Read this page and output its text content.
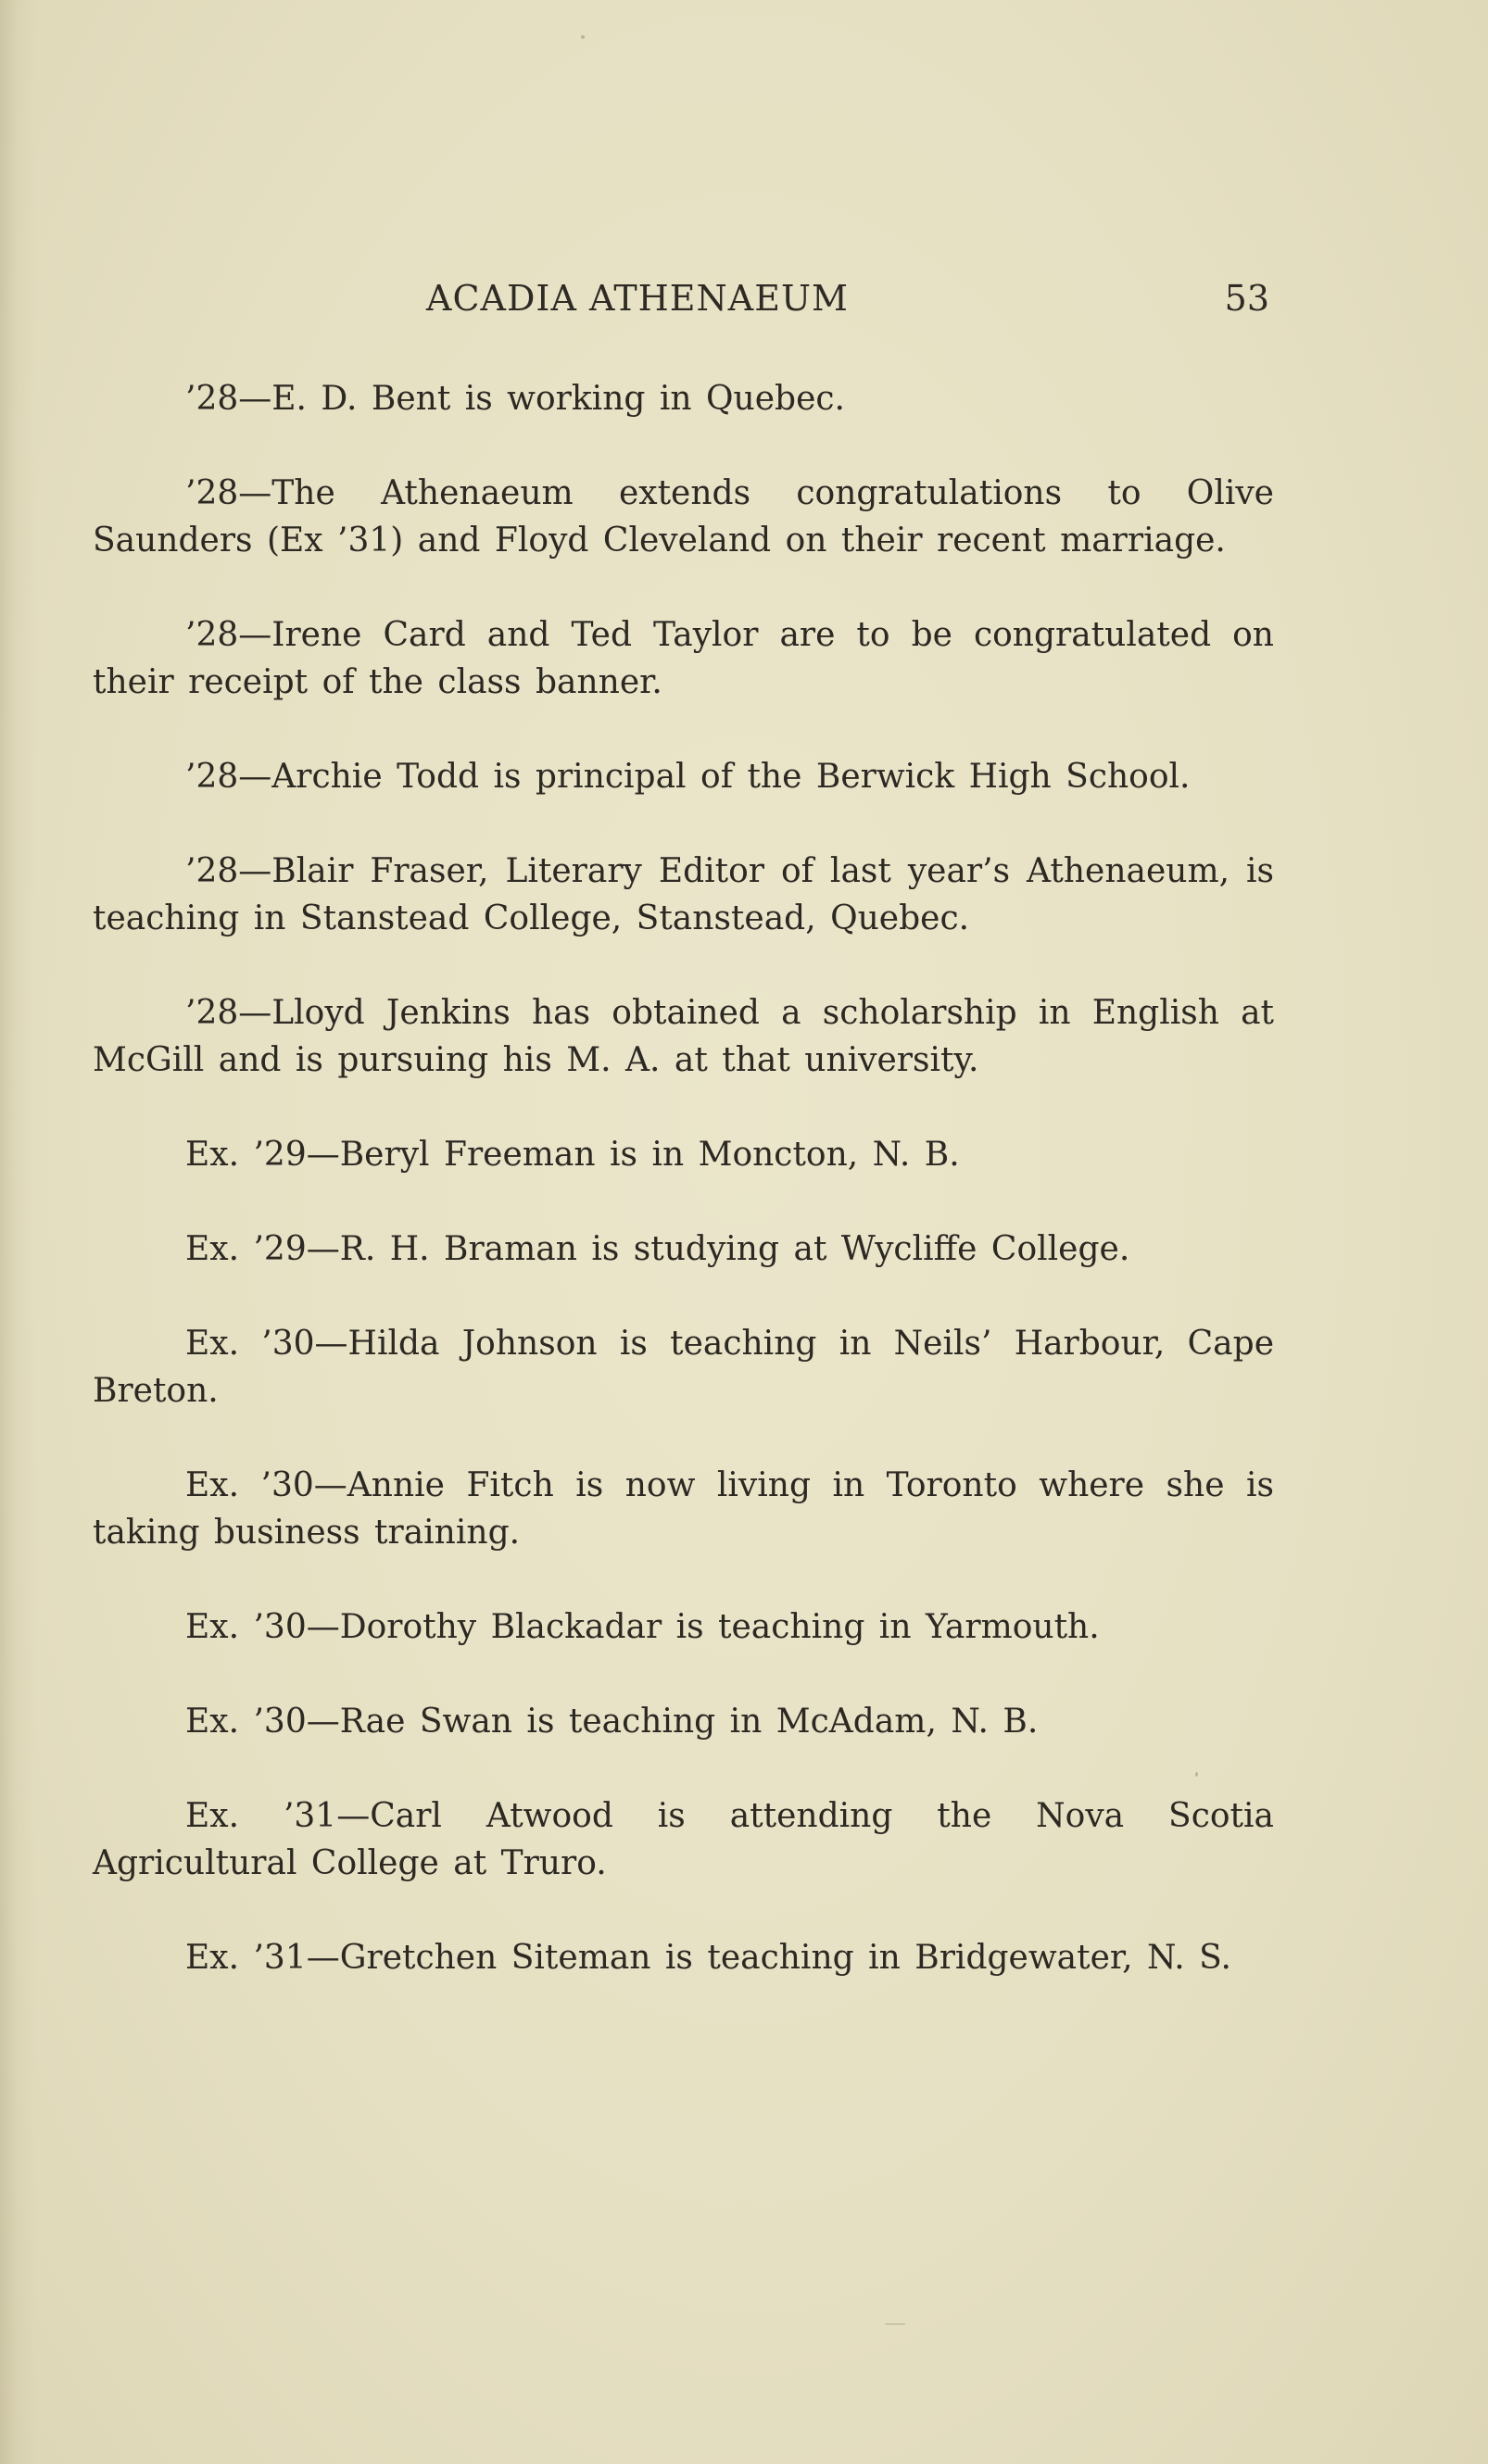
ACADIA ATHENAEUM	53

’28—E. D. Bent is working in Quebec.

’28—The Athenaeum extends congratulations to Olive Saunders (Ex ’31) and Floyd Cleveland on their recent marriage.

’28—Irene Card and Ted Taylor are to be congratulated on their receipt of the class banner.

’28—Archie Todd is principal of the Berwick High School.

’28—Blair Fraser, Literary Editor of last year’s Athenaeum, is teaching in Stanstead College, Stanstead, Quebec.

’28—Lloyd Jenkins has obtained a scholarship in English at McGill and is pursuing his M. A. at that university.

Ex. ’29—Beryl Freeman is in Moncton, N. B.

Ex. ’29—R. H. Braman is studying at Wycliffe College.

Ex. ’30—Hilda Johnson is teaching in Neils’ Harbour, Cape Breton.

Ex. ’30—Annie Fitch is now living in Toronto where she is taking business training.

Ex. ’30—Dorothy Blackadar is teaching in Yarmouth.

Ex. ’30—Rae Swan is teaching in McAdam, N. B.

Ex. ’31—Carl Atwood is attending the Nova Scotia Agricultural College at Truro.

Ex. ’31—Gretchen Siteman is teaching in Bridgewater, N. S.
